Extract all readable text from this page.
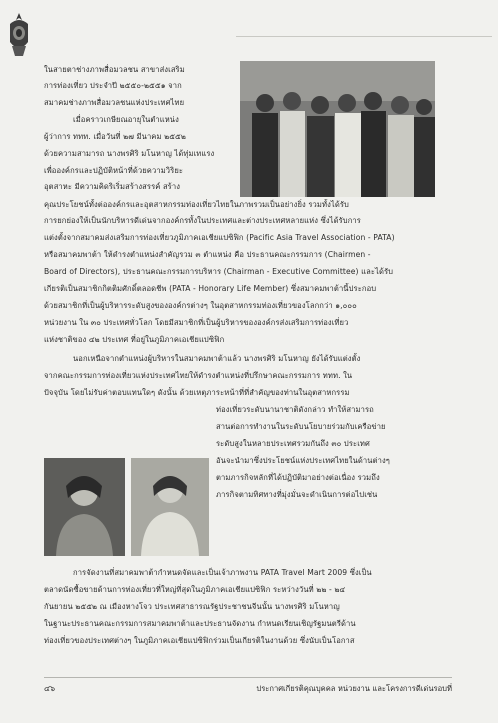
ในสายตาช่างภาพสื่อมวลชน สาขาส่งเสริม
การท่องเที่ยว ประจำปี ๒๕๕๐-๒๕๕๑ จาก
สมาคมช่างภาพสื่อมวลชนแห่งประเทศไทย
เมื่อคราวเกษียณอายุในตำแหน่ง
ผู้ว่าการ ททท. เมื่อวันที่ ๒๗ มีนาคม ๒๕๕๒
ด้วยความสามารถ นางพรศิริ มโนหาญ ได้ทุ่มเทแรง
เพื่อองค์กรและปฏิบัติหน้าที่ด้วยความวิริยะ
อุตสาหะ มีความคิดริเริ่มสร้างสรรค์ สร้าง
คุณประโยชน์ทั้งต่อองค์กรและอุตสาหกรรมท่องเที่ยวไทยในภาพรวมเป็นอย่างยิ่ง รวมทั้งได้รับ
การยกย่องให้เป็นนักบริหารดีเด่นจากองค์กรทั้งในประเทศและต่างประเทศหลายแห่ง ซึ่งได้รับการ
แต่งตั้งจากสมาคมส่งเสริมการท่องเที่ยวภูมิภาคเอเชียแปซิฟิก (Pacific Asia Travel Association - PATA)
หรือสมาคมพาต้า ให้ดำรงตำแหน่งสำคัญรวม ๓ ตำแหน่ง คือ ประธานคณะกรรมการ (Chairmen -
Board of Directors), ประธานคณะกรรมการบริหาร (Chairman - Executive Committee) และได้รับ
เกียรติเป็นสมาชิกกิตติมศักดิ์ตลอดชีพ (PATA - Honorary Life Member) ซึ่งสมาคมพาต้านี้ประกอบ
ด้วยสมาชิกที่เป็นผู้บริหารระดับสูงขององค์กรต่างๆ ในอุตสาหกรรมท่องเที่ยวของโลกกว่า ๑,๐๐๐
หน่วยงาน ใน ๓๐ ประเทศทั่วโลก โดยมีสมาชิกที่เป็นผู้บริหารขององค์กรส่งเสริมการท่องเที่ยว
แห่งชาติของ ๔๒ ประเทศ ที่อยู่ในภูมิภาคเอเชียแปซิฟิก
นอกเหนือจากตำแหน่งผู้บริหารในสมาคมพาต้าแล้ว นางพรศิริ มโนหาญ ยังได้รับแต่งตั้ง
จากคณะกรรมการท่องเที่ยวแห่งประเทศไทยให้ดำรงตำแหน่งที่ปรึกษาคณะกรรมการ ททท. ใน
ปัจจุบัน โดยไม่รับค่าตอบแทนใดๆ ดังนั้น ด้วยเหตุภาระหน้าที่ที่สำคัญของท่านในอุตสาหกรรม
ท่องเที่ยวระดับนานาชาติดังกล่าว ทำให้สามารถ
สานต่อการทำงานในระดับนโยบายร่วมกับเครือข่าย
ระดับสูงในหลายประเทศรวมกันถึง ๓๐ ประเทศ
อันจะนำมาซึ่งประโยชน์แห่งประเทศไทยในด้านต่างๆ
ตามภารกิจหลักที่ได้ปฏิบัติมาอย่างต่อเนื่อง รวมถึง
ภารกิจตามทิศทางที่มุ่งมั่นจะดำเนินการต่อไปเช่น
การจัดงานที่สมาคมพาต้ากำหนดจัดและเป็นเจ้าภาพงาน PATA Travel Mart 2009 ซึ่งเป็น
ตลาดนัดซื้อขายด้านการท่องเที่ยวที่ใหญ่ที่สุดในภูมิภาคเอเชียแปซิฟิก ระหว่างวันที่ ๒๒ - ๒๔
กันยายน ๒๕๕๒ ณ เมืองหางโจว ประเทศสาธารณรัฐประชาชนจีนนั้น นางพรศิริ มโนหาญ
ในฐานะประธานคณะกรรมการสมาคมพาต้าและประธานจัดงาน กำหนดเรียนเชิญรัฐมนตรีด้าน
ท่องเที่ยวของประเทศต่างๆ ในภูมิภาคเอเชียแปซิฟิกร่วมเป็นเกียรติในงานด้วย ซึ่งนับเป็นโอกาส
๔๖	ประกาศเกียรติคุณบุคคล หน่วยงาน และโครงการดีเด่นรอบที่
